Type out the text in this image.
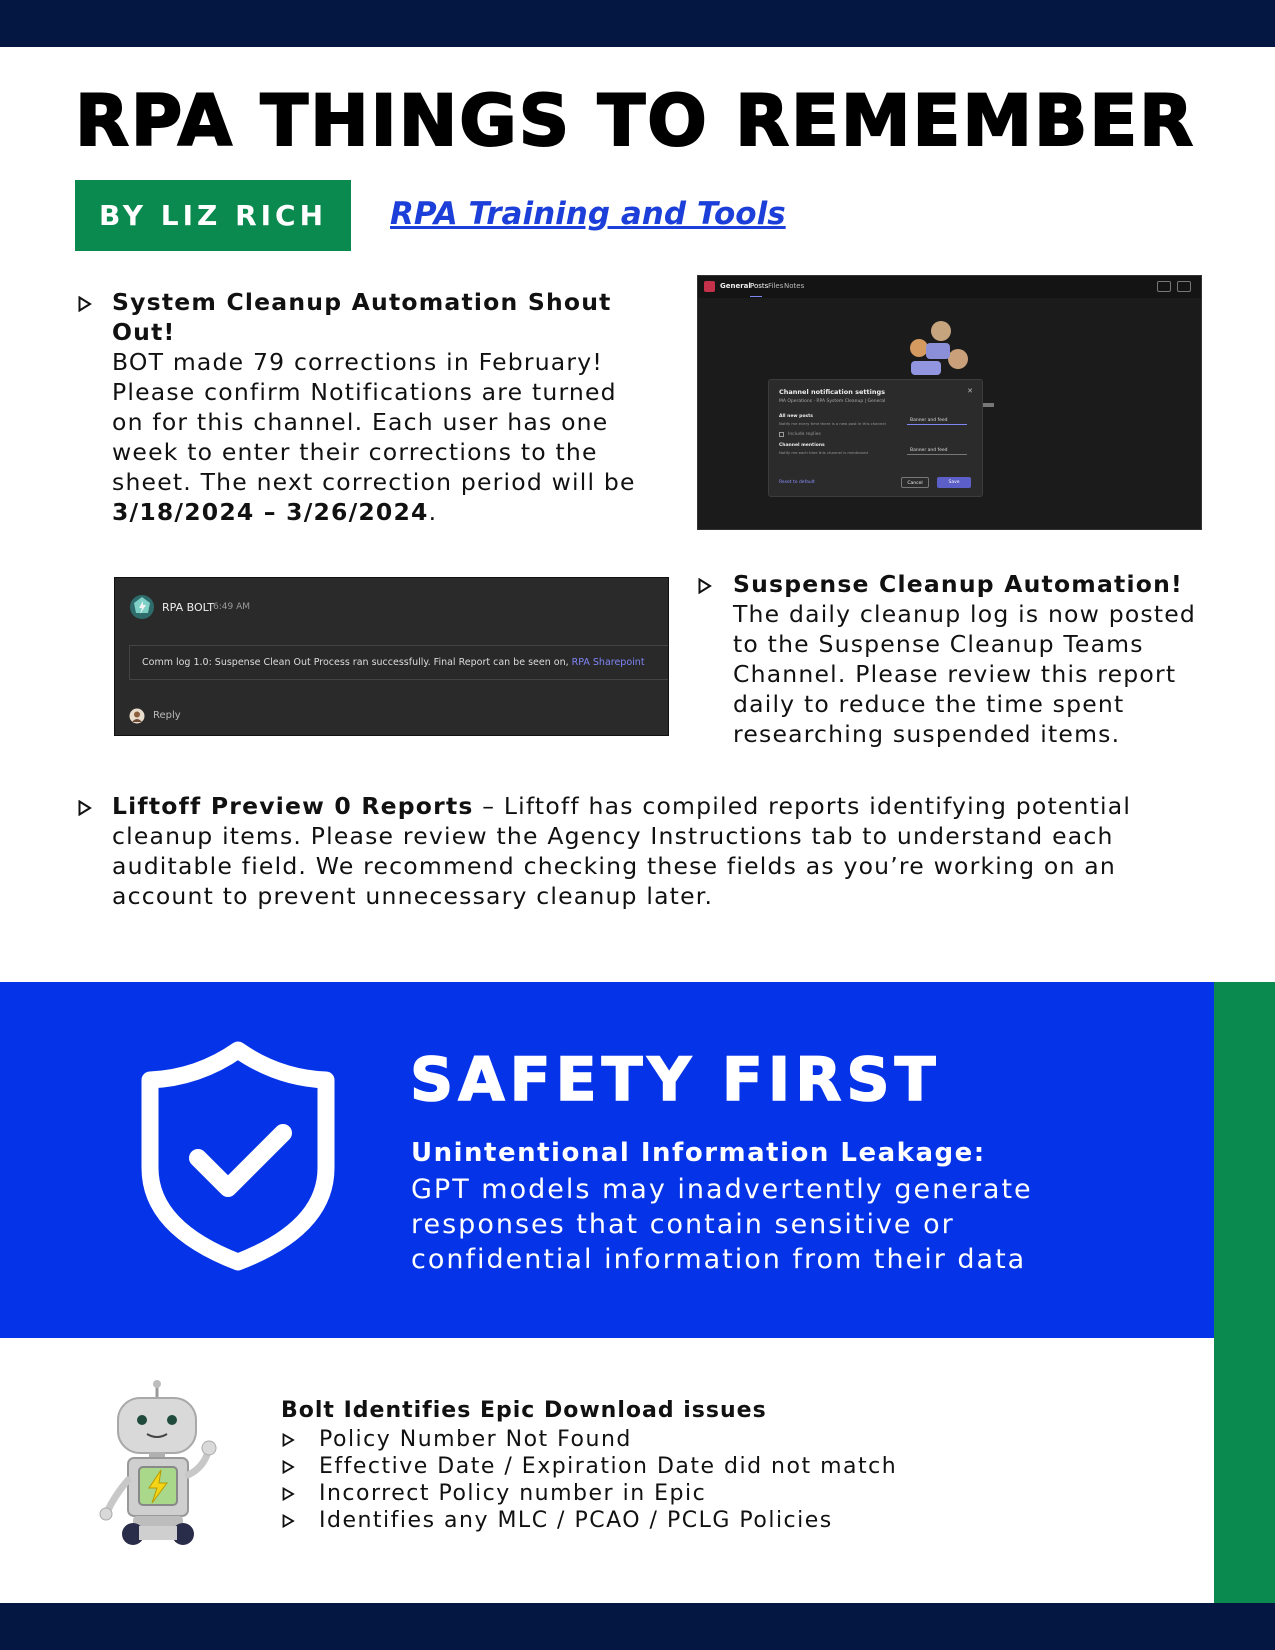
RPA THINGS TO REMEMBER
BY LIZ RICH	RPA Training and Tools
System Cleanup Automation Shout Out!
BOT made 79 corrections in February!
Please confirm Notifications are turned
on for this channel. Each user has one
week to enter their corrections to the
sheet. The next correction period will be
3/18/2024 – 3/26/2024.
General Posts Files Notes
Channel notification settings	✕
MA Operations · RPA System Cleanup | General
All new posts
Notify me every time there is a new post in this channel
Banner and feed
Include replies
Channel mentions
Notify me each time this channel is mentioned	Banner and feed
Reset to default	Cancel	Save
RPA BOLT 6:49 AM
Comm log 1.0: Suspense Clean Out Process ran successfully. Final Report can be seen on, RPA Sharepoint
Reply
Suspense Cleanup Automation!
The daily cleanup log is now posted
to the Suspense Cleanup Teams
Channel. Please review this report
daily to reduce the time spent
researching suspended items.
Liftoff Preview 0 Reports – Liftoff has compiled reports identifying potential
cleanup items. Please review the Agency Instructions tab to understand each
auditable field. We recommend checking these fields as you’re working on an
account to prevent unnecessary cleanup later.
SAFETY FIRST
Unintentional Information Leakage:
GPT models may inadvertently generate
responses that contain sensitive or
confidential information from their data
Bolt Identifies Epic Download issues
Policy Number Not Found
Effective Date / Expiration Date did not match
Incorrect Policy number in Epic
Identifies any MLC / PCAO / PCLG Policies
